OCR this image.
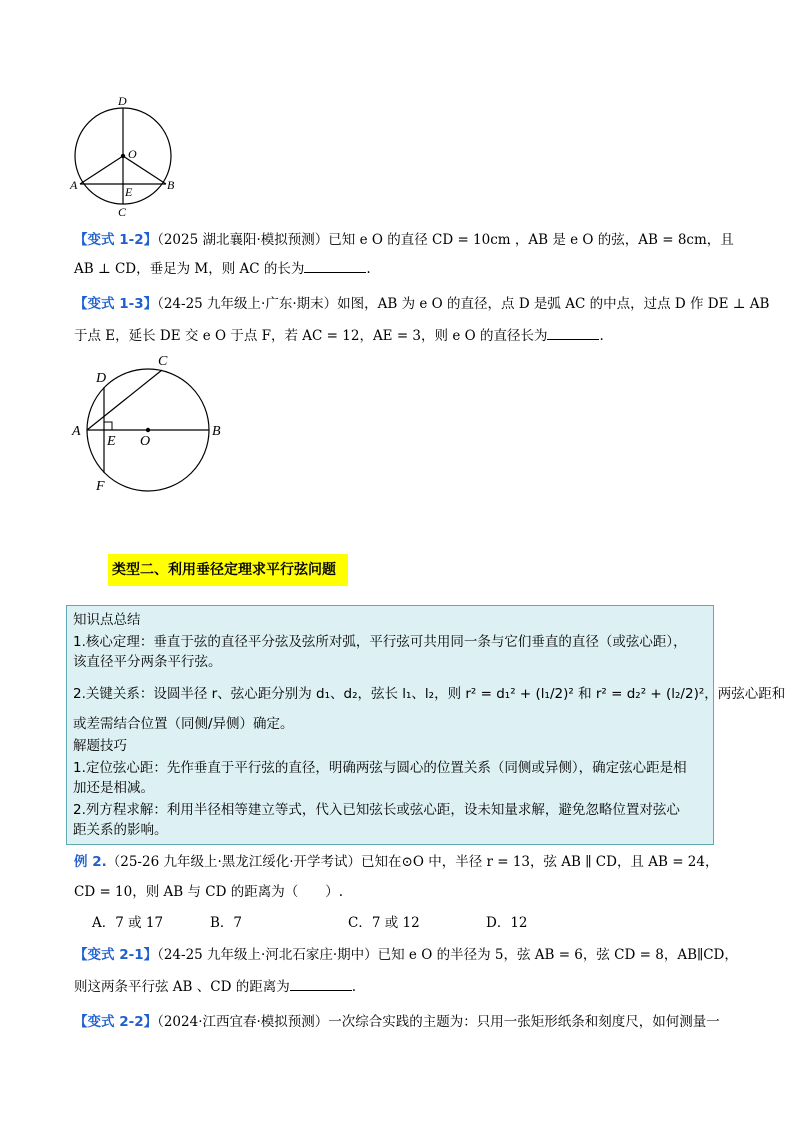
D
O
A	E	B
C
【变式 1-2】（2025 湖北襄阳·模拟预测）已知 e O 的直径 CD = 10cm ，AB 是 e O 的弦，AB = 8cm，且
AB ⊥ CD，垂足为 M，则 AC 的长为	.
【变式 1-3】（24-25 九年级上·广东·期末）如图，AB 为 e O 的直径，点 D 是弧 AC 的中点，过点 D 作 DE ⊥ AB
于点 E，延长 DE 交 e O 于点 F，若 AC = 12，AE = 3，则 e O 的直径长为	.
C
D
A
E O
B
F
类型二、利用垂径定理求平行弦问题
知识点总结
1.核心定理：垂直于弦的直径平分弦及弦所对弧，平行弦可共用同一条与它们垂直的直径（或弦心距），
该直径平分两条平行弦。
2.关键关系：设圆半径 r、弦心距分别为 d₁、d₂，弦长 l₁、l₂，则 r² = d₁² + (l₁/2)² 和 r² = d₂² + (l₂/2)²，两弦心距和
或差需结合位置（同侧/异侧）确定。
解题技巧
1.定位弦心距：先作垂直于平行弦的直径，明确两弦与圆心的位置关系（同侧或异侧），确定弦心距是相
加还是相减。
2.列方程求解：利用半径相等建立等式，代入已知弦长或弦心距，设未知量求解，避免忽略位置对弦心
距关系的影响。
例 2.（25-26 九年级上·黑龙江绥化·开学考试）已知在⊙O 中，半径 r = 13，弦 AB ∥ CD，且 AB = 24，
CD = 10，则 AB 与 CD 的距离为（　　）.
A．7 或 17	B．7	C．7 或 12	D．12
【变式 2-1】（24-25 九年级上·河北石家庄·期中）已知 e O 的半径为 5，弦 AB = 6，弦 CD = 8，AB∥CD，
则这两条平行弦 AB 、CD 的距离为	.
【变式 2-2】（2024·江西宜春·模拟预测）一次综合实践的主题为：只用一张矩形纸条和刻度尺，如何测量一
